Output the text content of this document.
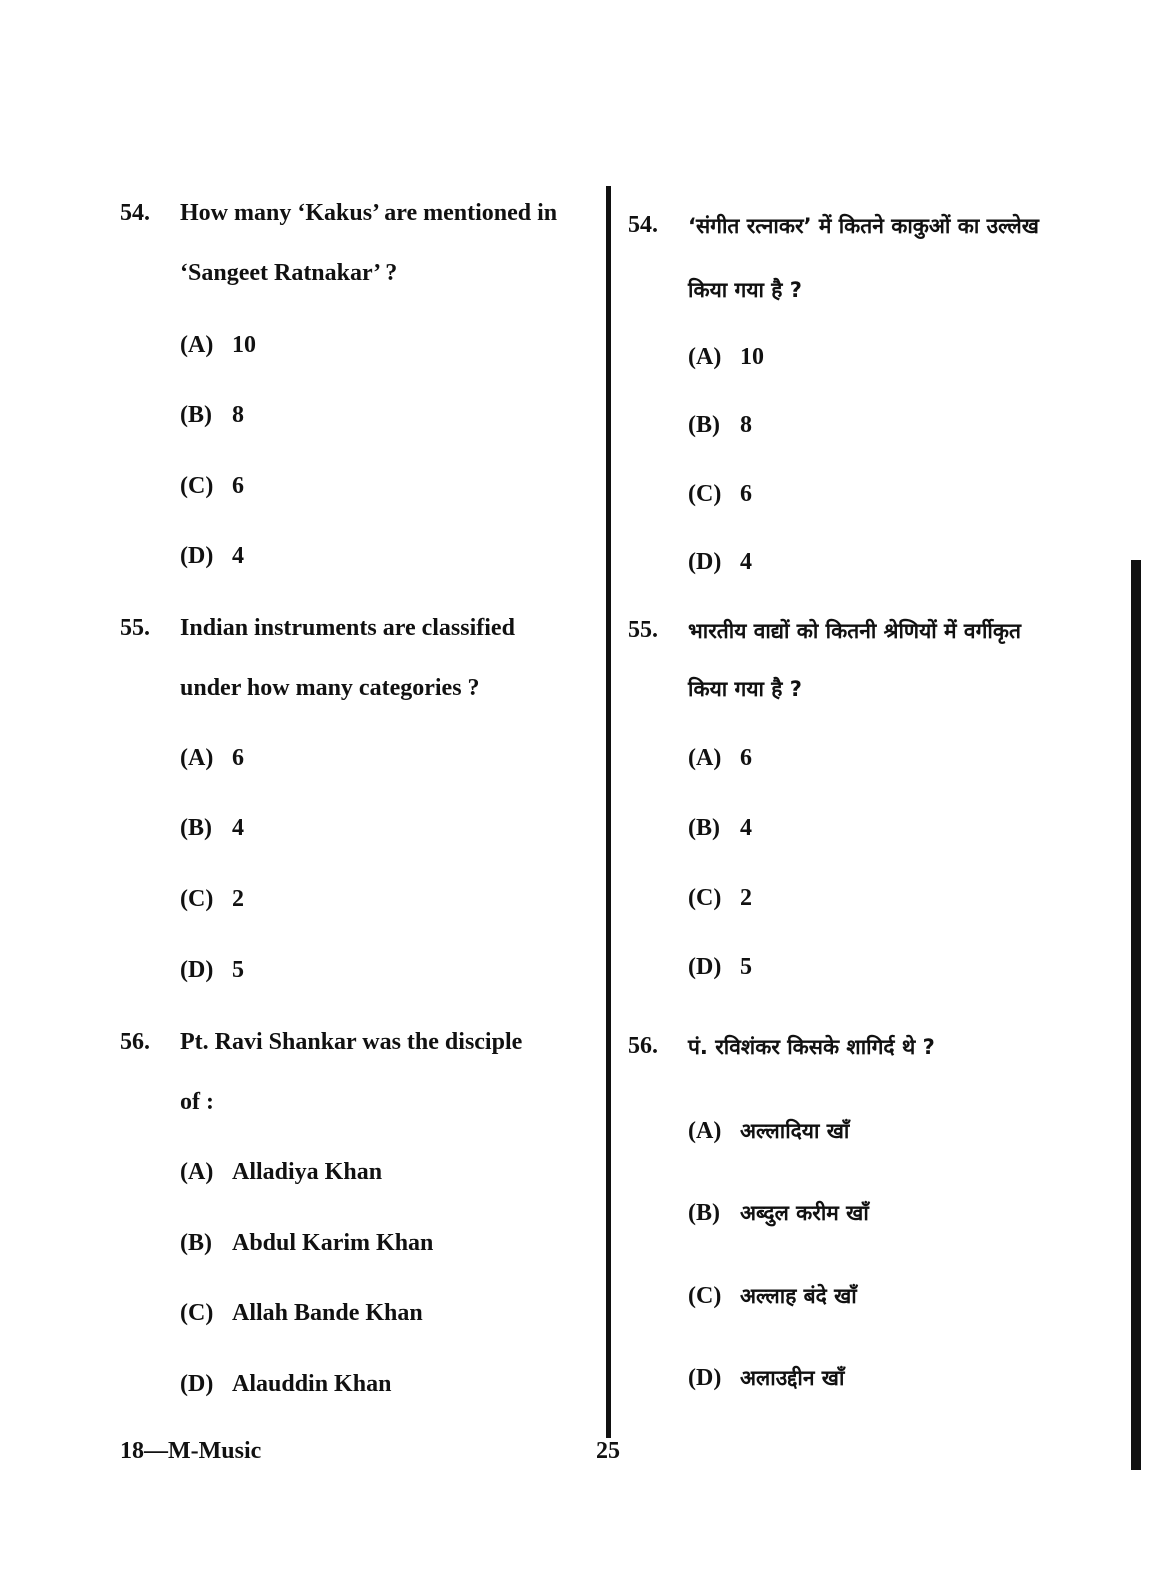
54. How many ‘Kakus’ are mentioned in
‘Sangeet Ratnakar’ ?
(A) 10
(B) 8
(C) 6
(D) 4
55. Indian instruments are classified
under how many categories ?
(A) 6
(B) 4
(C) 2
(D) 5
56. Pt. Ravi Shankar was the disciple
of :
(A) Alladiya Khan
(B) Abdul Karim Khan
(C) Allah Bande Khan
(D) Alauddin Khan
54. ‘संगीत रत्नाकर’ में कितने काकुओं का उल्लेख
किया गया है ?
(A) 10
(B) 8
(C) 6
(D) 4
55. भारतीय वाद्यों को कितनी श्रेणियों में वर्गीकृत
किया गया है ?
(A) 6
(B) 4
(C) 2
(D) 5
56. पं. रविशंकर किसके शागिर्द थे ?
(A) अल्लादिया खाँ
(B) अब्दुल करीम खाँ
(C) अल्लाह बंदे खाँ
(D) अलाउद्दीन खाँ
18—M-Music	25
